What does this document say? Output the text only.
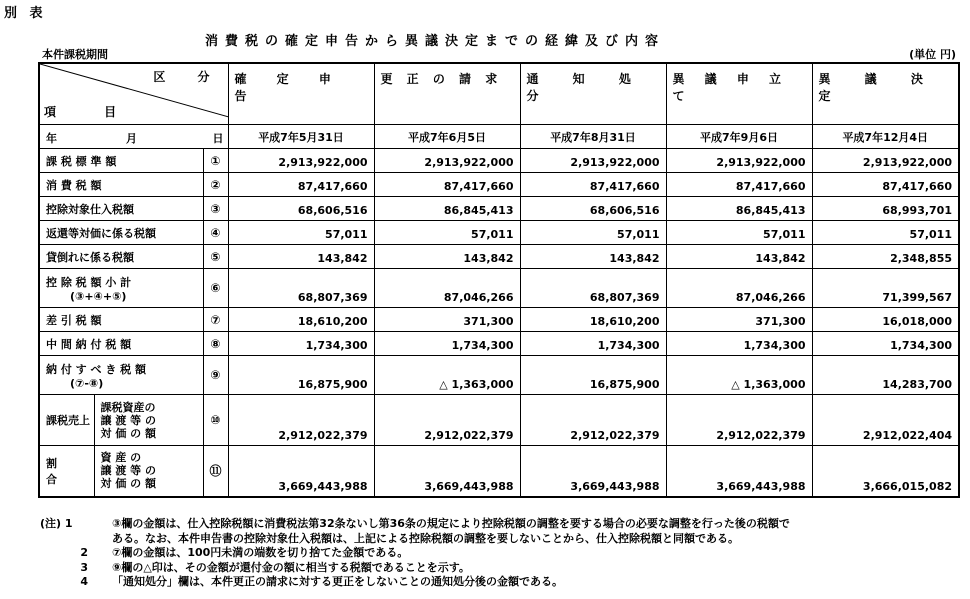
別 表
消費税の確定申告から異議決定までの経緯及び内容
本件課税期間	(単位 円)
区 分
項 目			確 定 申 告	更 正 の 請 求	通 知 処 分	異 議 申 立 て	異 議 決 定

年 月 日			平成7年5月31日	平成7年6月5日	平成7年8月31日	平成7年9月6日	平成7年12月4日

課 税 標 準 額		①	2,913,922,000	2,913,922,000	2,913,922,000	2,913,922,000	2,913,922,000

消 費 税 額		②	87,417,660	87,417,660	87,417,660	87,417,660	87,417,660

控除対象仕入税額		③	68,606,516	86,845,413	68,606,516	86,845,413	68,993,701

返還等対価に係る税額		④	57,011	57,011	57,011	57,011	57,011

貸倒れに係る税額		⑤	143,842	143,842	143,842	143,842	2,348,855

控 除 税 額 小 計
(③+④+⑤)		⑥	68,807,369	87,046,266	68,807,369	87,046,266	71,399,567

差 引 税 額		⑦	18,610,200	371,300	18,610,200	371,300	16,018,000

中 間 納 付 税 額		⑧	1,734,300	1,734,300	1,734,300	1,734,300	1,734,300

納 付 す べ き 税 額
(⑦-⑧)		⑨	16,875,900	△ 1,363,000	16,875,900	△ 1,363,000	14,283,700
課税売上	課税資産の
譲 渡 等 の
対 価 の 額	⑩	2,912,022,379	2,912,022,379	2,912,022,379	2,912,022,379	2,912,022,404
割 合	資 産 の
譲 渡 等 の
対 価 の 額	⑪	3,669,443,988	3,669,443,988	3,669,443,988	3,669,443,988	3,666,015,082
(注) 1	③欄の金額は、仕入控除税額に消費税法第32条ないし第36条の規定により控除税額の調整を要する場合の必要な調整を行った後の税額で
ある。なお、本件申告書の控除対象仕入税額は、上記による控除税額の調整を要しないことから、仕入控除税額と同額である。
2 ⑦欄の金額は、100円未満の端数を切り捨てた金額である。
3 ⑨欄の△印は、その金額が還付金の額に相当する税額であることを示す。
4 「通知処分」欄は、本件更正の請求に対する更正をしないことの通知処分後の金額である。
